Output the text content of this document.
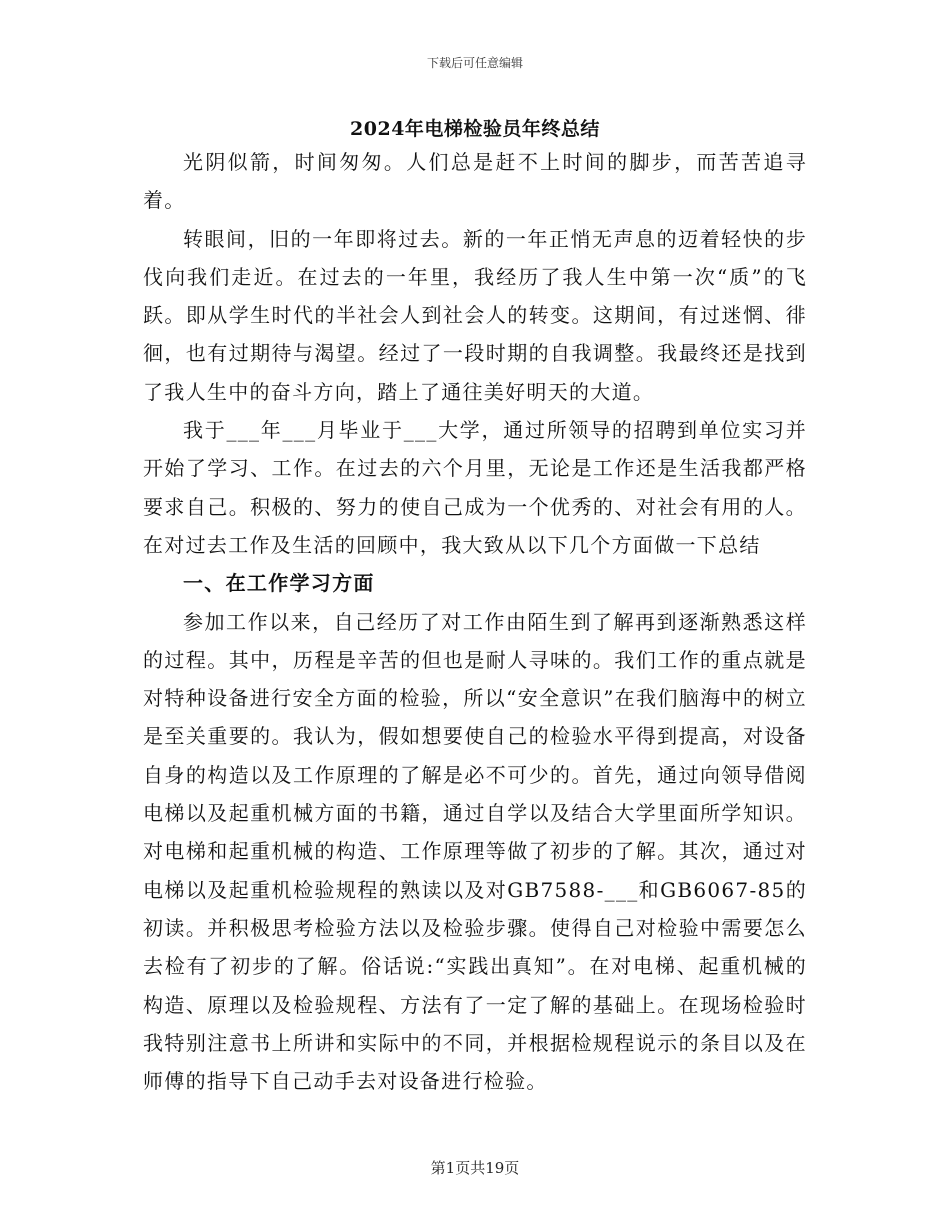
下载后可任意编辑
2024年电梯检验员年终总结

光阴似箭，时间匆匆。人们总是赶不上时间的脚步，而苦苦追寻着。

转眼间，旧的一年即将过去。新的一年正悄无声息的迈着轻快的步伐向我们走近。在过去的一年里，我经历了我人生中第一次“质”的飞跃。即从学生时代的半社会人到社会人的转变。这期间，有过迷惘、徘徊，也有过期待与渴望。经过了一段时期的自我调整。我最终还是找到了我人生中的奋斗方向，踏上了通往美好明天的大道。

我于___年___月毕业于___大学，通过所领导的招聘到单位实习并开始了学习、工作。在过去的六个月里，无论是工作还是生活我都严格要求自己。积极的、努力的使自己成为一个优秀的、对社会有用的人。在对过去工作及生活的回顾中，我大致从以下几个方面做一下总结

一、在工作学习方面

参加工作以来，自己经历了对工作由陌生到了解再到逐渐熟悉这样的过程。其中，历程是辛苦的但也是耐人寻味的。我们工作的重点就是对特种设备进行安全方面的检验，所以“安全意识”在我们脑海中的树立是至关重要的。我认为，假如想要使自己的检验水平得到提高，对设备自身的构造以及工作原理的了解是必不可少的。首先，通过向领导借阅电梯以及起重机械方面的书籍，通过自学以及结合大学里面所学知识。对电梯和起重机械的构造、工作原理等做了初步的了解。其次，通过对电梯以及起重机检验规程的熟读以及对GB7588-___和GB6067-85的初读。并积极思考检验方法以及检验步骤。使得自己对检验中需要怎么去检有了初步的了解。俗话说:“实践出真知”。在对电梯、起重机械的构造、原理以及检验规程、方法有了一定了解的基础上。在现场检验时我特别注意书上所讲和实际中的不同，并根据检规程说示的条目以及在师傅的指导下自己动手去对设备进行检验。

第1页共19页
